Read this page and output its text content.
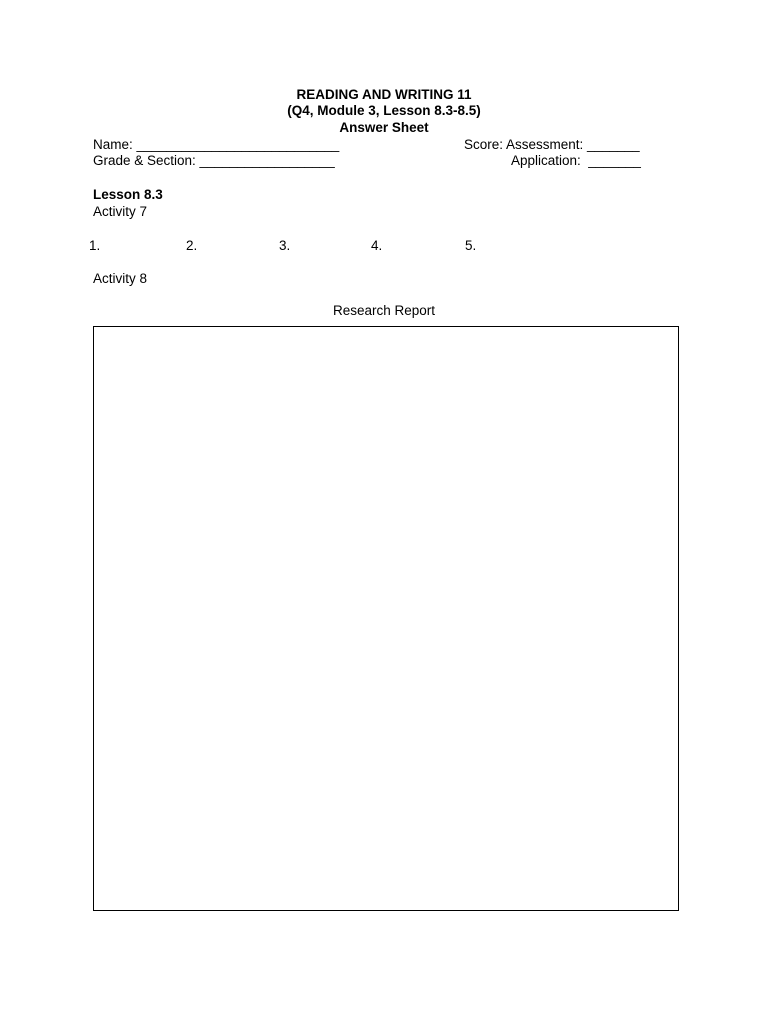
READING AND WRITING 11
(Q4, Module 3, Lesson 8.3-8.5)
Answer Sheet
Name: ___________________________
Grade & Section: __________________
Score: Assessment: _______
Application:  _______
Lesson 8.3
Activity 7
1.	2.	3.	4.	5.
Activity 8
Research Report
